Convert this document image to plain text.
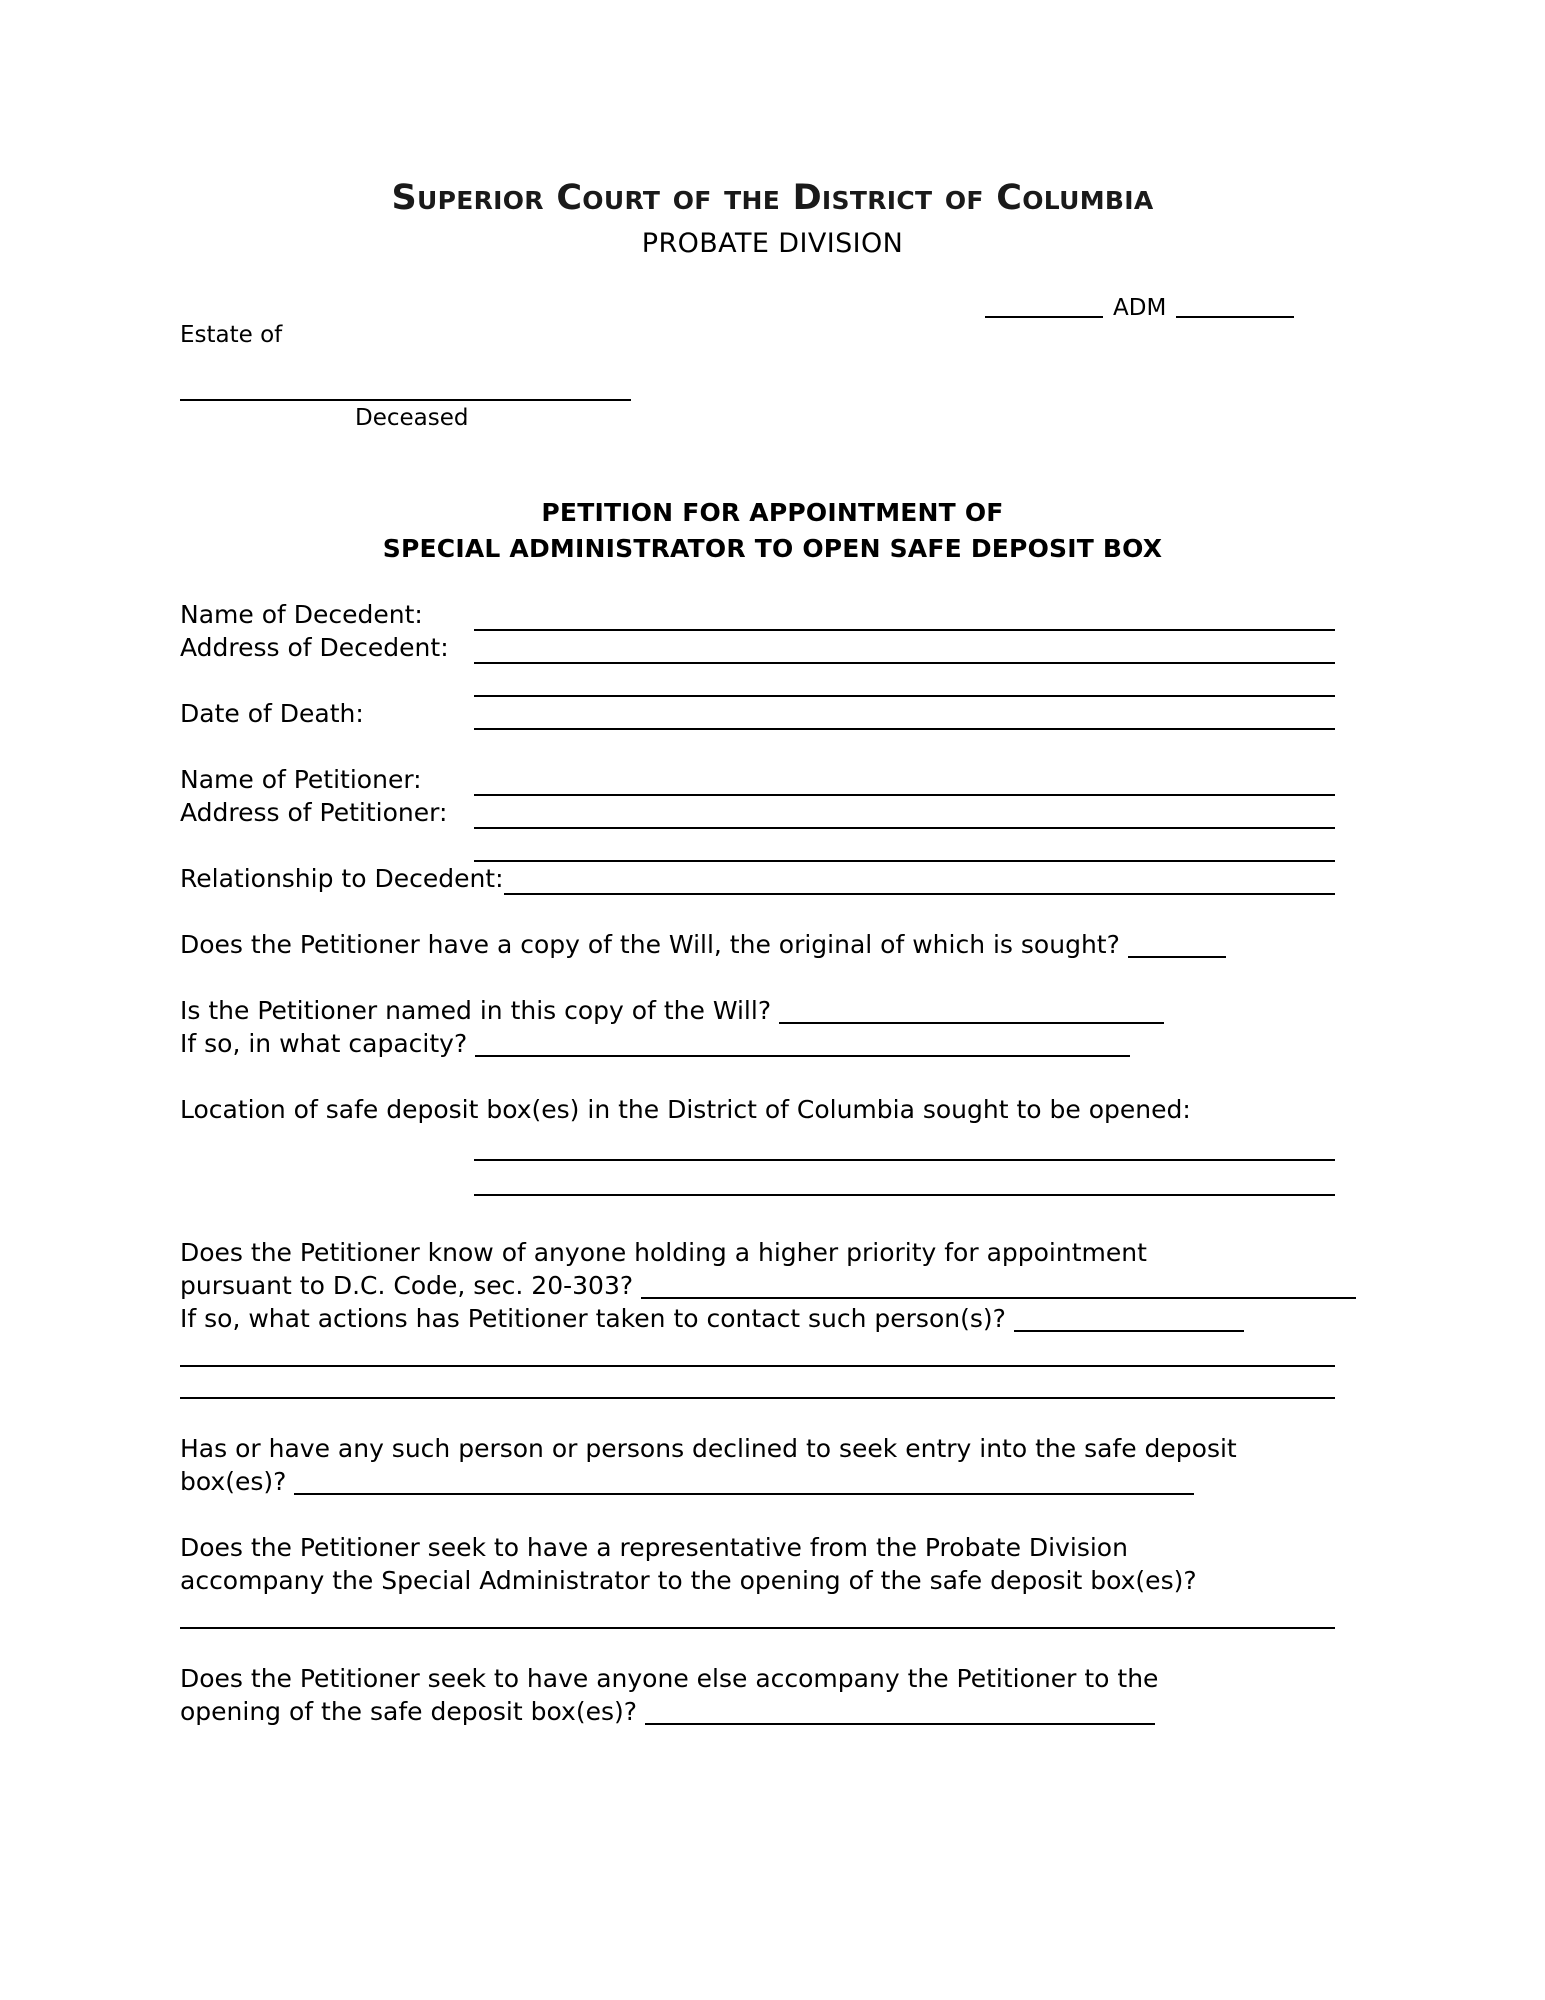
Superior Court of the District of Columbia
PROBATE DIVISION
ADM
Estate of
Deceased
PETITION FOR APPOINTMENT OF
SPECIAL ADMINISTRATOR TO OPEN SAFE DEPOSIT BOX
Name of Decedent:
Address of Decedent:
Date of Death:
Name of Petitioner:
Address of Petitioner:
Relationship to Decedent:
Does the Petitioner have a copy of the Will, the original of which is sought?
Is the Petitioner named in this copy of the Will?
If so, in what capacity?
Location of safe deposit box(es) in the District of Columbia sought to be opened:
Does the Petitioner know of anyone holding a higher priority for appointment
pursuant to D.C. Code, sec. 20-303?
If so, what actions has Petitioner taken to contact such person(s)?
Has or have any such person or persons declined to seek entry into the safe deposit
box(es)?
Does the Petitioner seek to have a representative from the Probate Division
accompany the Special Administrator to the opening of the safe deposit box(es)?
Does the Petitioner seek to have anyone else accompany the Petitioner to the
opening of the safe deposit box(es)?
